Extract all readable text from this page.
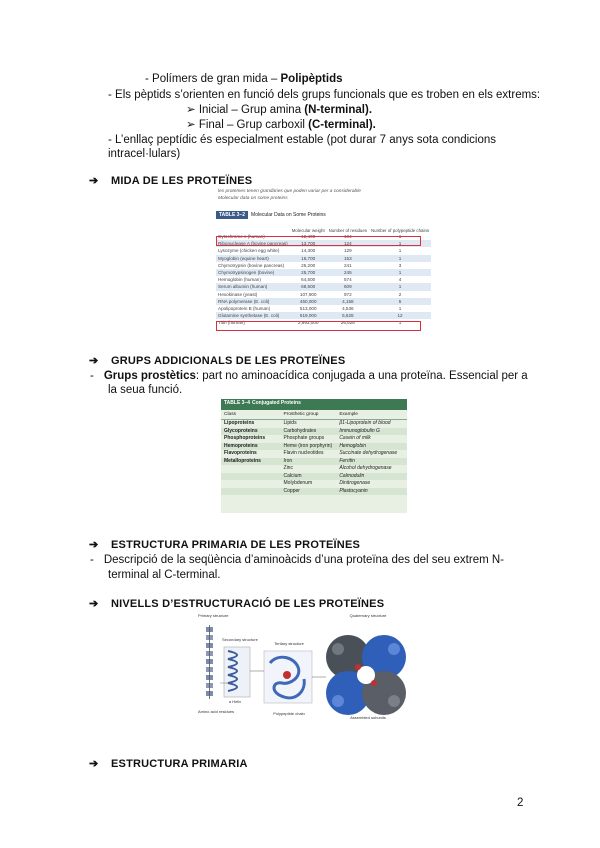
- Polímers de gran mida – Polipèptids
- Els pèptids s’orienten en funció dels grups funcionals que es troben en els extrems:
➢ Inicial – Grup amina (N-terminal).
➢ Final – Grup carboxil (C-terminal).
- L’enllaç peptídic és especialment estable (pot durar 7 anys sota condicions
intracel·lulars)
➔ MIDA DE LES PROTEÏNES
les proteïnes tenen grandàries que poden variar per a considerable
Molecular data on some proteins
TABLE 3–2 Molecular Data on Some Proteins
	Molecular weight	Number of residues	Number of polypeptide chains
Cytochrome c (human)	12,400	104	1
Ribonuclease A (bovine pancreas)	13,700	124	1
Lysozyme (chicken egg white)	14,300	129	1
Myoglobin (equine heart)	16,700	153	1
Chymotrypsin (bovine pancreas)	25,200	241	3
Chymotrypsinogen (bovine)	25,700	245	1
Hemoglobin (human)	64,500	574	4
Serum albumin (human)	68,500	609	1
Hexokinase (yeast)	107,900	972	2
RNA polymerase (E. coli)	450,000	4,158	5
Apolipoprotein B (human)	513,000	4,536	1
Glutamine synthetase (E. coli)	619,000	5,628	12
Titin (human)	2,993,000	26,926	1
➔ GRUPS ADDICIONALS DE LES PROTEÏNES
- Grups prostètics: part no aminoacídica conjugada a una proteïna. Essencial per a
la seua funció.
TABLE 3–4 Conjugated Proteins
Class	Prosthetic group	Example
Lipoproteins	Lipids	β1-Lipoprotein of blood
Glycoproteins	Carbohydrates	Immunoglobulin G
Phosphoproteins	Phosphate groups	Casein of milk
Hemoproteins	Heme (iron porphyrin)	Hemoglobin
Flavoproteins	Flavin nucleotides	Succinate dehydrogenase
Metalloproteins	Iron	Ferritin
	Zinc	Alcohol dehydrogenase
	Calcium	Calmodulin
	Molybdenum	Dinitrogenase
	Copper	Plastocyanin
➔ ESTRUCTURA PRIMARIA DE LES PROTEÏNES
- Descripció de la seqüència d’aminoàcids d’una proteïna des del seu extrem N-
terminal al C-terminal.
➔ NIVELLS D’ESTRUCTURACIÓ DE LES PROTEÏNES
Primary structure
Secondary structure
Tertiary structure
Quaternary structure
α Helix
Amino acid residues	Polypeptide chain
Assembled subunits
➔ ESTRUCTURA PRIMARIA
2
